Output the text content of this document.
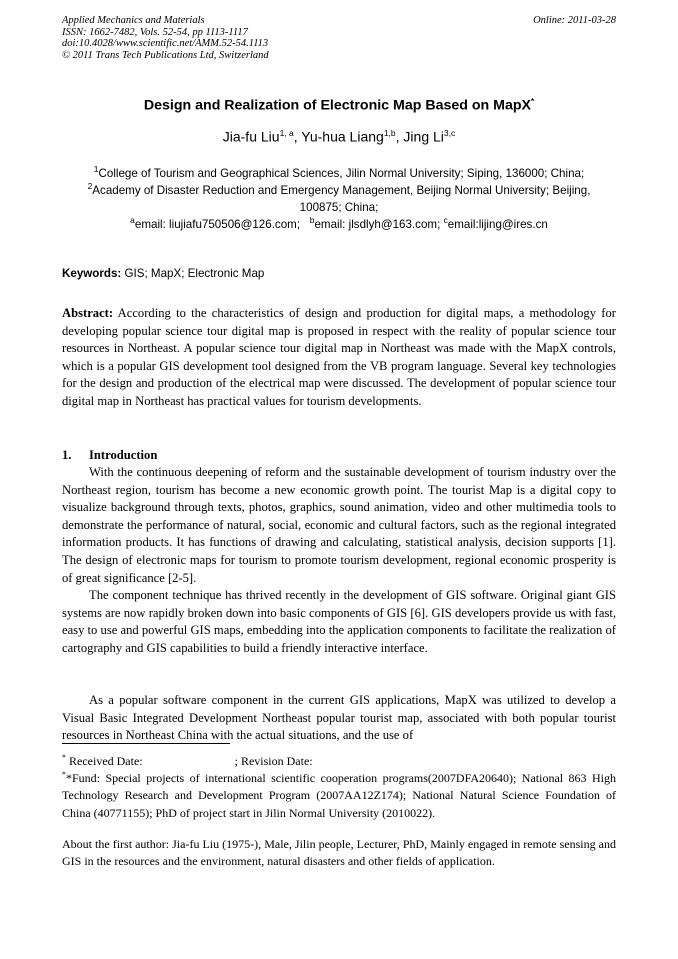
Applied Mechanics and Materials
ISSN: 1662-7482, Vols. 52-54, pp 1113-1117
doi:10.4028/www.scientific.net/AMM.52-54.1113
© 2011 Trans Tech Publications Ltd, Switzerland
Online: 2011-03-28
Design and Realization of Electronic Map Based on MapX*
Jia-fu Liu$^{1, a}$, Yu-hua Liang$^{1,b}$, Jing Li$^{3,c}$
$^1$College of Tourism and Geographical Sciences, Jilin Normal University; Siping, 136000; China;
$^2$Academy of Disaster Reduction and Emergency Management, Beijing Normal University; Beijing,
100875; China;
$^a$email: liujiafu750506@126.com; $^b$email: jlsdlyh@163.com; $^c$email:lijing@ires.cn
Keywords: GIS; MapX; Electronic Map

Abstract: According to the characteristics of design and production for digital maps, a methodology for developing popular science tour digital map is proposed in respect with the reality of popular science tour resources in Northeast. A popular science tour digital map in Northeast was made with the MapX controls, which is a popular GIS development tool designed from the VB program language. Several key technologies for the design and production of the electrical map were discussed. The development of popular science tour digital map in Northeast has practical values for tourism developments.

1. Introduction

With the continuous deepening of reform and the sustainable development of tourism industry over the Northeast region, tourism has become a new economic growth point. The tourist Map is a digital copy to visualize background through texts, photos, graphics, sound animation, video and other multimedia tools to demonstrate the performance of natural, social, economic and cultural factors, such as the regional integrated information products. It has functions of drawing and calculating, statistical analysis, decision supports [1]. The design of electronic maps for tourism to promote tourism development, regional economic prosperity is of great significance [2-5].

The component technique has thrived recently in the development of GIS software. Original giant GIS systems are now rapidly broken down into basic components of GIS [6]. GIS developers provide us with fast, easy to use and powerful GIS maps, embedding into the application components to facilitate the realization of cartography and GIS capabilities to build a friendly interactive interface.

As a popular software component in the current GIS applications, MapX was utilized to develop a Visual Basic Integrated Development Northeast popular tourist map, associated with both popular tourist resources in Northeast China with the actual situations, and the use of

* Received Date:	; Revision Date:

**Fund: Special projects of international scientific cooperation programs(2007DFA20640); National 863 High Technology Research and Development Program (2007AA12Z174); National Natural Science Foundation of China (40771155); PhD of project start in Jilin Normal University (2010022).

About the first author: Jia-fu Liu (1975-), Male, Jilin people, Lecturer, PhD, Mainly engaged in remote sensing and GIS in the resources and the environment, natural disasters and other fields of application.
